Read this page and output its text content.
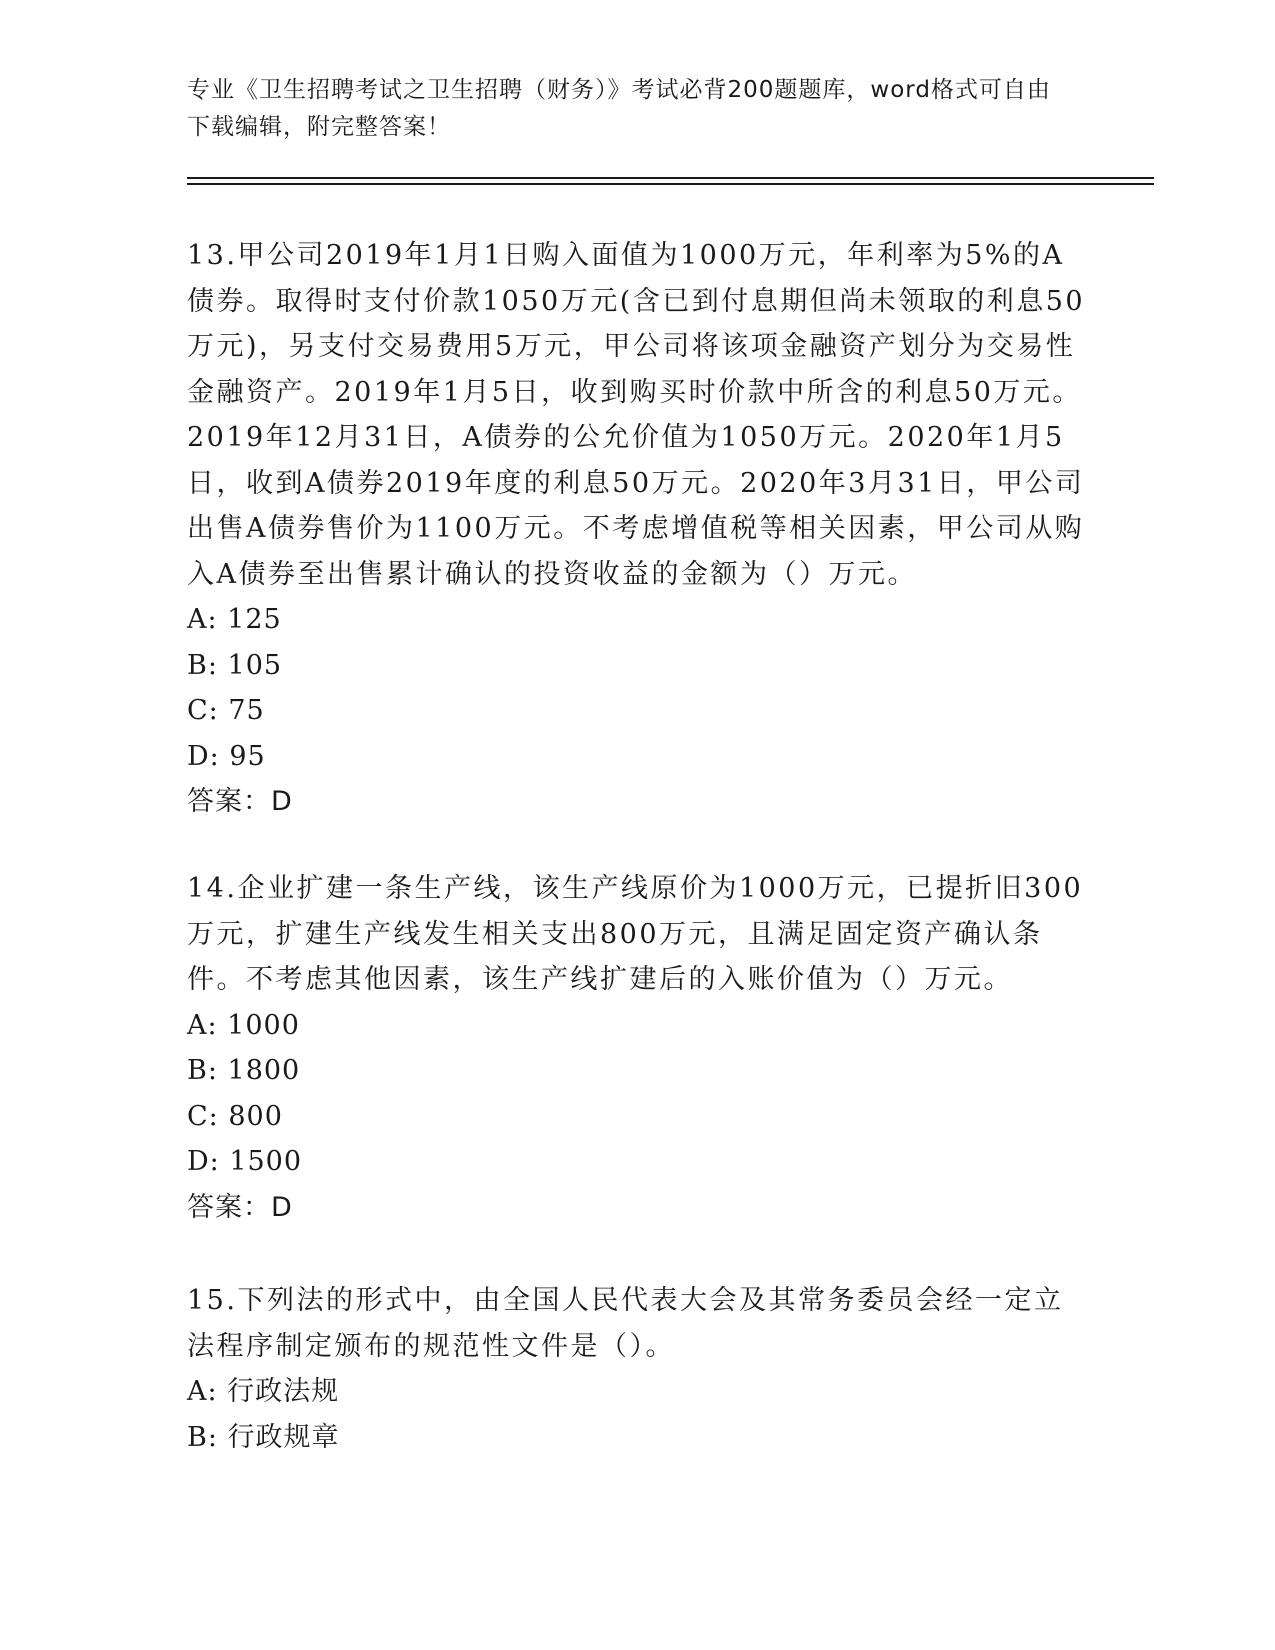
专业《卫生招聘考试之卫生招聘（财务）》考试必背200题题库，word格式可自由下载编辑，附完整答案！
13.甲公司2019年1月1日购入面值为1000万元，年利率为5%的A债券。取得时支付价款1050万元(含已到付息期但尚未领取的利息50万元)，另支付交易费用5万元，甲公司将该项金融资产划分为交易性金融资产。2019年1月5日，收到购买时价款中所含的利息50万元。2019年12月31日，A债券的公允价值为1050万元。2020年1月5日，收到A债券2019年度的利息50万元。2020年3月31日，甲公司出售A债券售价为1100万元。不考虑增值税等相关因素，甲公司从购入A债券至出售累计确认的投资收益的金额为（）万元。
A: 125
B: 105
C: 75
D: 95
答案：D
14.企业扩建一条生产线，该生产线原价为1000万元，已提折旧300万元，扩建生产线发生相关支出800万元，且满足固定资产确认条件。不考虑其他因素，该生产线扩建后的入账价值为（）万元。
A: 1000
B: 1800
C: 800
D: 1500
答案：D
15.下列法的形式中，由全国人民代表大会及其常务委员会经一定立法程序制定颁布的规范性文件是（）。
A: 行政法规
B: 行政规章
